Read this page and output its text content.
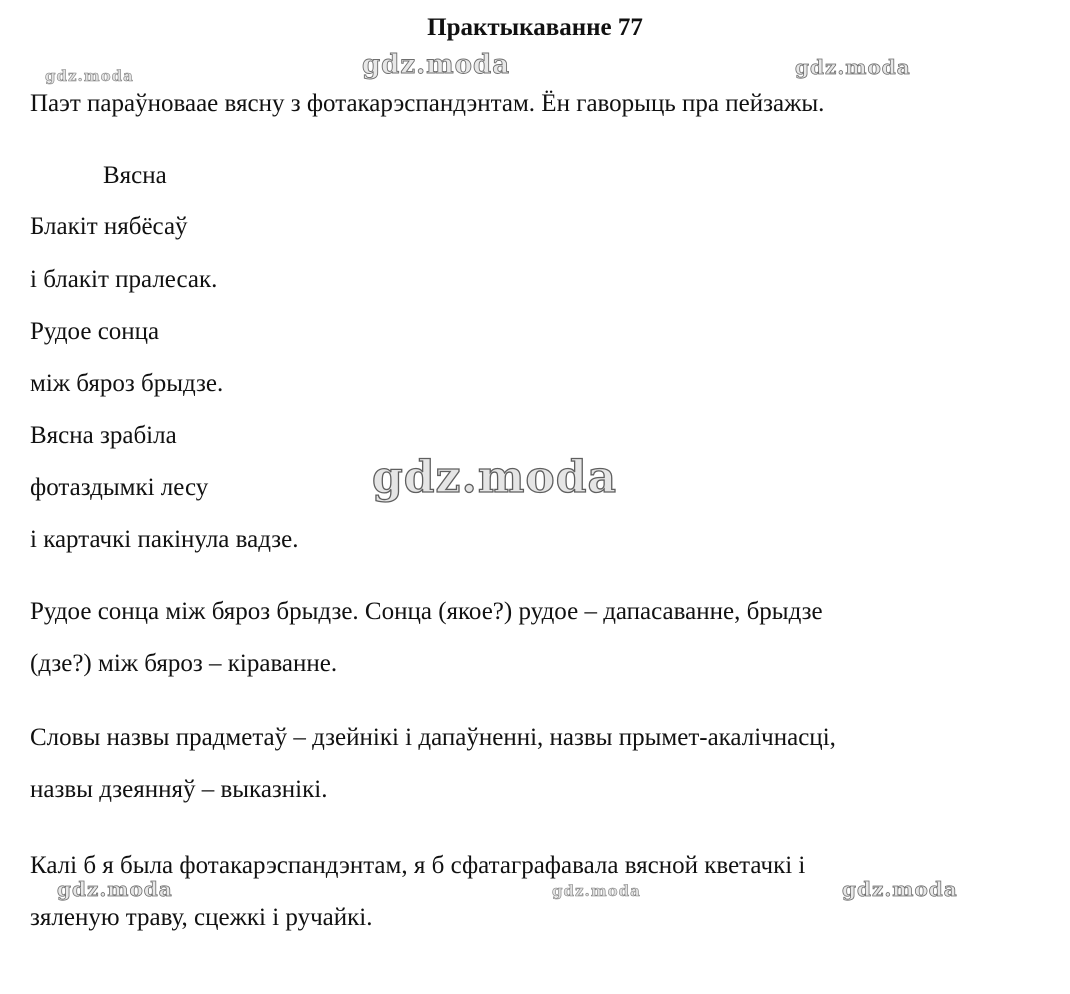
Практыкаванне 77
gdz.moda	gdz.moda	gdz.moda
gdz.moda
gdz.moda	gdz.moda	gdz.moda
Паэт параўноваае вясну з фотакарэспандэнтам. Ён гаворыць пра пейзажы.
Вясна
Блакіт нябёсаў
і блакіт пралесак.
Рудое сонца
між бяроз брыдзе.
Вясна зрабіла
фотаздымкі лесу
і картачкі пакінула вадзе.
Рудое сонца між бяроз брыдзе. Сонца (якое?) рудое – дапасаванне, брыдзе
(дзе?) між бяроз – кіраванне.
Словы назвы прадметаў – дзейнікі і дапаўненні, назвы прымет-акалічнасці,
назвы дзеянняў – выказнікі.
Калі б я была фотакарэспандэнтам, я б сфатаграфавала вясной кветачкі і
зяленую траву, сцежкі і ручайкі.
